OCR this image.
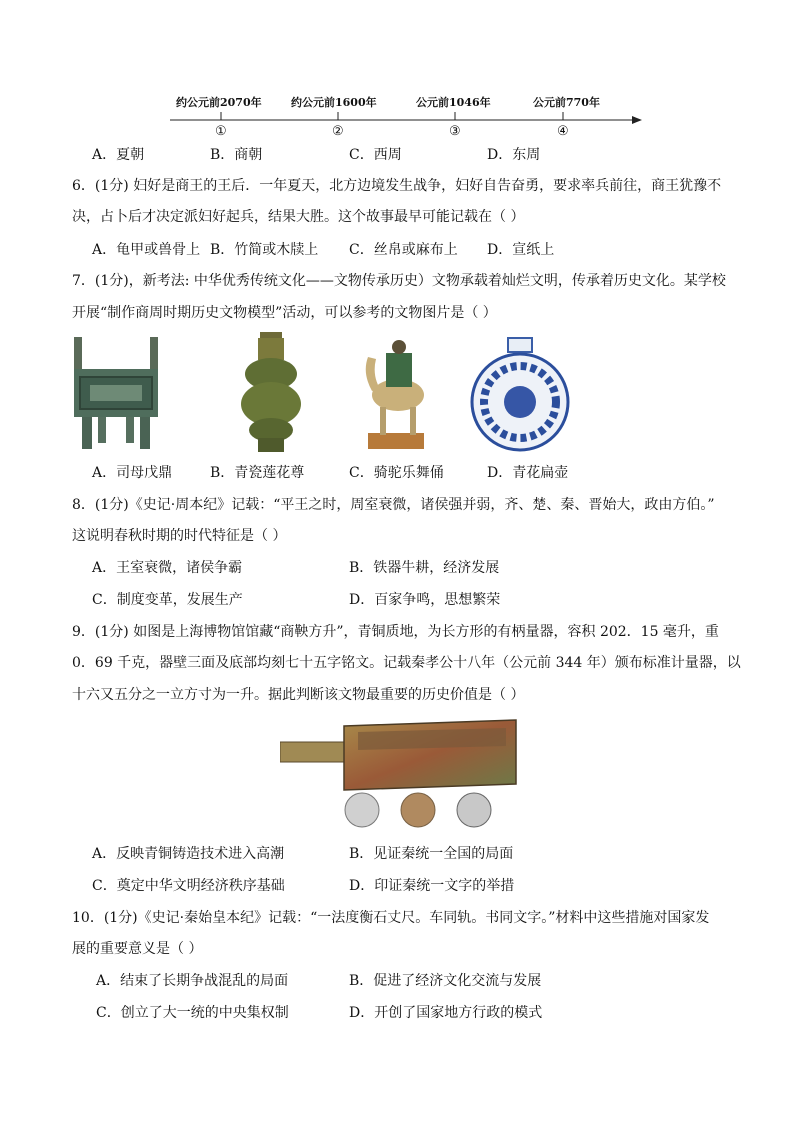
约公元前2070年	约公元前1600年	公元前1046年	公元前770年
①	②	③	④
A．夏朝	B．商朝	C．西周	D．东周
6．(1分) 妇好是商王的王后．一年夏天，北方边境发生战争，妇好自告奋勇，要求率兵前往，商王犹豫不
决，占卜后才决定派妇好起兵，结果大胜。这个故事最早可能记载在（ ）
A．龟甲或兽骨上 B．竹简或木牍上 C．丝帛或麻布上 D．宣纸上
7．(1分)，新考法: 中华优秀传统文化——文物传承历史）文物承载着灿烂文明，传承着历史文化。某学校
开展“制作商周时期历史文物模型”活动，可以参考的文物图片是（ ）
A．司母戊鼎	B．青瓷莲花尊	C．骑驼乐舞俑	D．青花扁壶
8．(1分)《史记·周本纪》记载：“平王之时，周室衰微，诸侯强并弱，齐、楚、秦、晋始大，政由方伯。”
这说明春秋时期的时代特征是（ ）
A．王室衰微，诸侯争霸	B．铁器牛耕，经济发展
C．制度变革，发展生产	D．百家争鸣，思想繁荣
9．(1分) 如图是上海博物馆馆藏“商鞅方升”，青铜质地，为长方形的有柄量器，容积 202．15 毫升，重
0．69 千克，器壁三面及底部均刻七十五字铭文。记载秦孝公十八年（公元前 344 年）颁布标准计量器，以
十六又五分之一立方寸为一升。据此判断该文物最重要的历史价值是（ ）
A．反映青铜铸造技术进入高潮	B．见证秦统一全国的局面
C．奠定中华文明经济秩序基础	D．印证秦统一文字的举措
10．(1分)《史记·秦始皇本纪》记载：“一法度衡石丈尺。车同轨。书同文字。”材料中这些措施对国家发
展的重要意义是（ ）
A．结束了长期争战混乱的局面	B．促进了经济文化交流与发展
C．创立了大一统的中央集权制	D．开创了国家地方行政的模式
